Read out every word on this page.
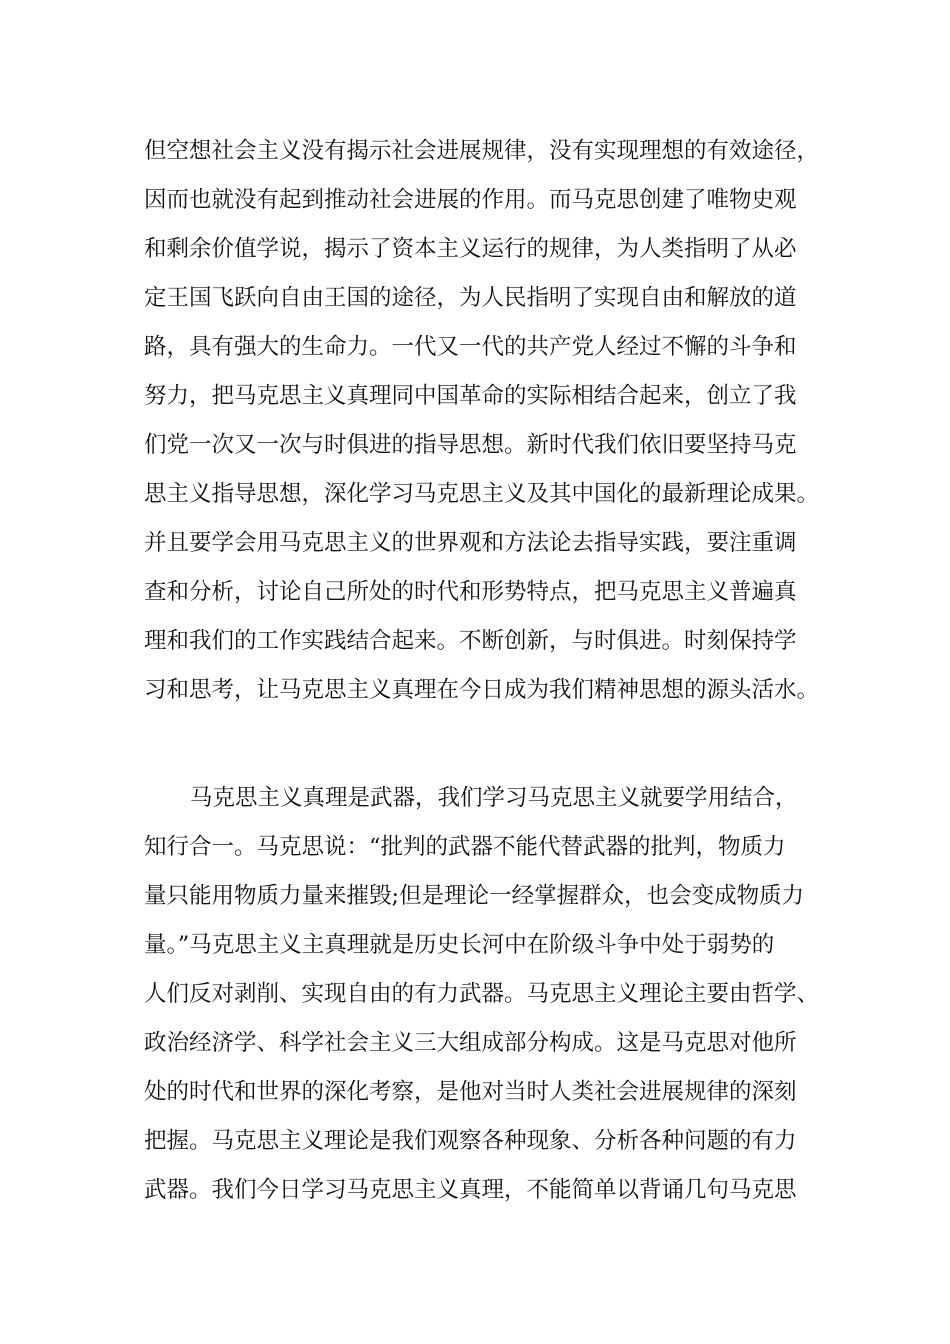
但空想社会主义没有揭示社会进展规律，没有实现理想的有效途径，
因而也就没有起到推动社会进展的作用。而马克思创建了唯物史观
和剩余价值学说，揭示了资本主义运行的规律，为人类指明了从必
定王国飞跃向自由王国的途径，为人民指明了实现自由和解放的道
路，具有强大的生命力。一代又一代的共产党人经过不懈的斗争和
努力，把马克思主义真理同中国革命的实际相结合起来，创立了我
们党一次又一次与时俱进的指导思想。新时代我们依旧要坚持马克
思主义指导思想，深化学习马克思主义及其中国化的最新理论成果。
并且要学会用马克思主义的世界观和方法论去指导实践，要注重调
查和分析，讨论自己所处的时代和形势特点，把马克思主义普遍真
理和我们的工作实践结合起来。不断创新，与时俱进。时刻保持学
习和思考，让马克思主义真理在今日成为我们精神思想的源头活水。
马克思主义真理是武器，我们学习马克思主义就要学用结合，
知行合一。马克思说：“批判的武器不能代替武器的批判，物质力
量只能用物质力量来摧毁;但是理论一经掌握群众，也会变成物质力
量。”马克思主义主真理就是历史长河中在阶级斗争中处于弱势的
人们反对剥削、实现自由的有力武器。马克思主义理论主要由哲学、
政治经济学、科学社会主义三大组成部分构成。这是马克思对他所
处的时代和世界的深化考察，是他对当时人类社会进展规律的深刻
把握。马克思主义理论是我们观察各种现象、分析各种问题的有力
武器。我们今日学习马克思主义真理，不能简单以背诵几句马克思
